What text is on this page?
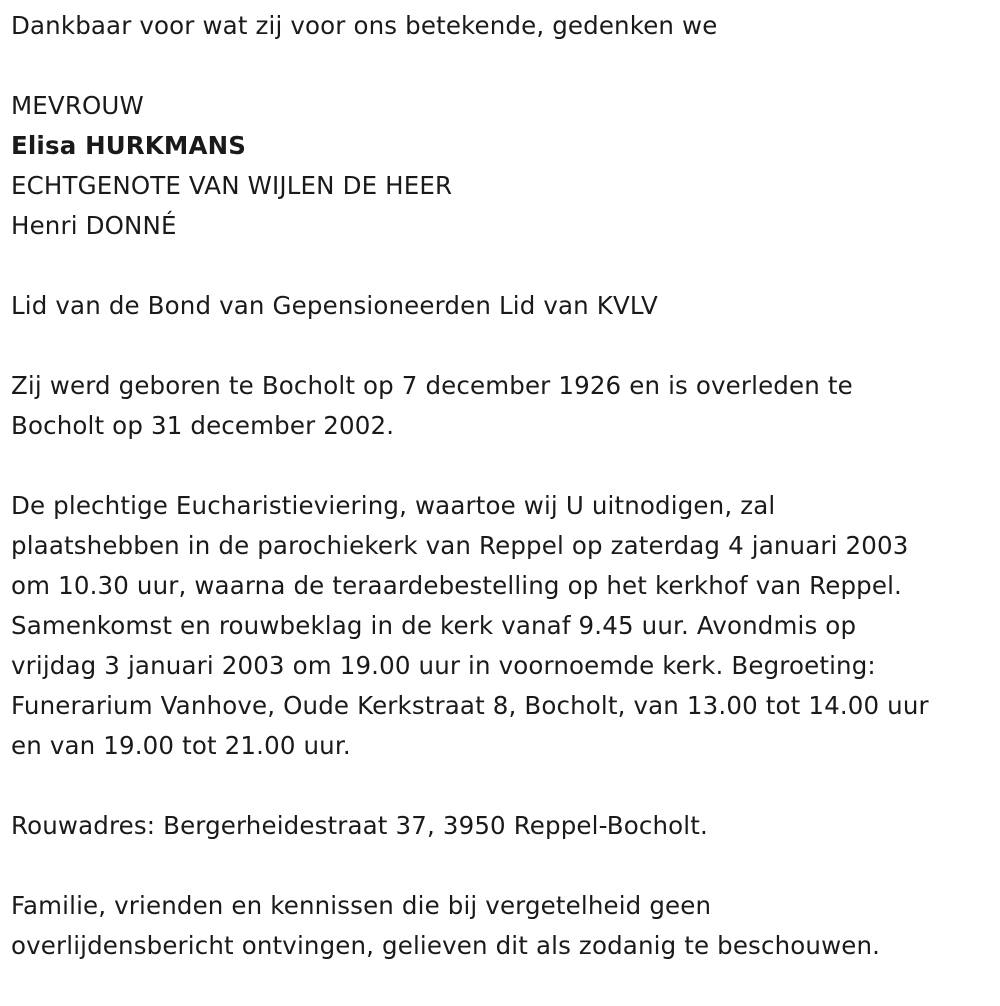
Dankbaar voor wat zij voor ons betekende, gedenken we
MEVROUW
Elisa HURKMANS
ECHTGENOTE VAN WIJLEN DE HEER
Henri DONNÉ
Lid van de Bond van Gepensioneerden Lid van KVLV
Zij werd geboren te Bocholt op 7 december 1926 en is overleden te
Bocholt op 31 december 2002.
De plechtige Eucharistieviering, waartoe wij U uitnodigen, zal
plaatshebben in de parochiekerk van Reppel op zaterdag 4 januari 2003
om 10.30 uur, waarna de teraardebestelling op het kerkhof van Reppel.
Samenkomst en rouwbeklag in de kerk vanaf 9.45 uur. Avondmis op
vrijdag 3 januari 2003 om 19.00 uur in voornoemde kerk. Begroeting:
Funerarium Vanhove, Oude Kerkstraat 8, Bocholt, van 13.00 tot 14.00 uur
en van 19.00 tot 21.00 uur.
Rouwadres: Bergerheidestraat 37, 3950 Reppel-Bocholt.
Familie, vrienden en kennissen die bij vergetelheid geen
overlijdensbericht ontvingen, gelieven dit als zodanig te beschouwen.
